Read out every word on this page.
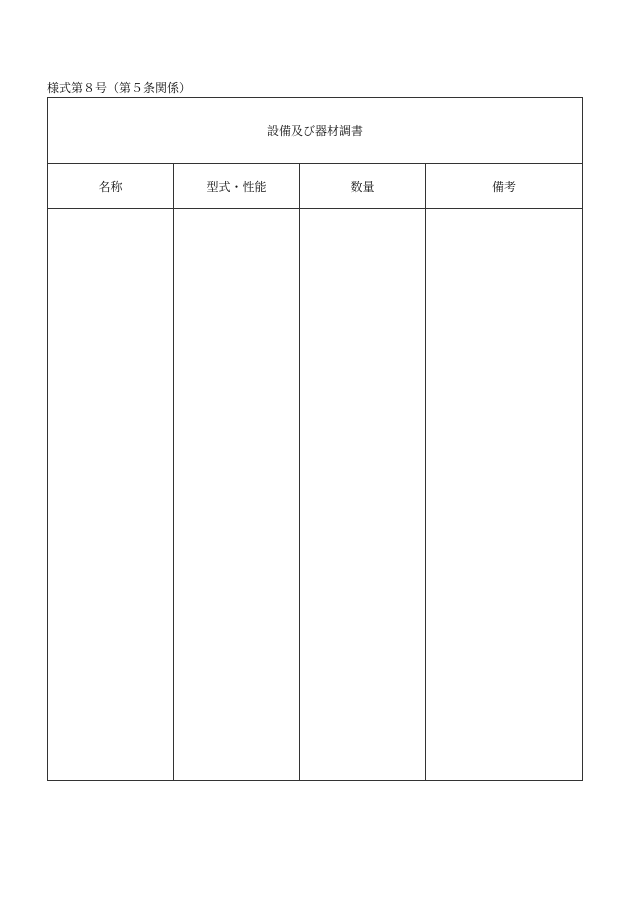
様式第８号（第５条関係）
設備及び器材調書
名称	型式・性能	数量	備考
